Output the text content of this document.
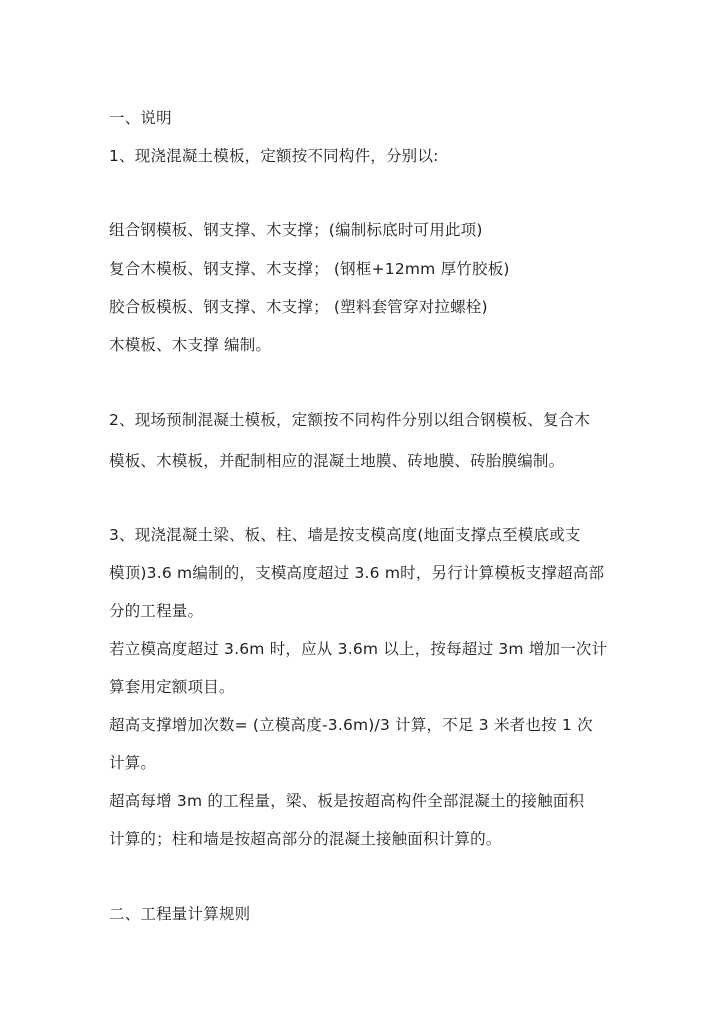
一、说明
1、现浇混凝土模板，定额按不同构件，分别以:
组合钢模板、钢支撑、木支撑；(编制标底时可用此项)
复合木模板、钢支撑、木支撑； (钢框+12mm 厚竹胶板)
胶合板模板、钢支撑、木支撑； (塑料套管穿对拉螺栓)
木模板、木支撑 编制。
2、现场预制混凝土模板，定额按不同构件分别以组合钢模板、复合木
模板、木模板，并配制相应的混凝土地膜、砖地膜、砖胎膜编制。
3、现浇混凝土梁、板、柱、墙是按支模高度(地面支撑点至模底或支
模顶)3.6 m编制的，支模高度超过 3.6 m时，另行计算模板支撑超高部
分的工程量。
若立模高度超过 3.6m 时，应从 3.6m 以上，按每超过 3m 增加一次计
算套用定额项目。
超高支撑增加次数= (立模高度-3.6m)/3 计算，不足 3 米者也按 1 次
计算。
超高每增 3m 的工程量，梁、板是按超高构件全部混凝土的接触面积
计算的；柱和墙是按超高部分的混凝土接触面积计算的。
二、工程量计算规则
